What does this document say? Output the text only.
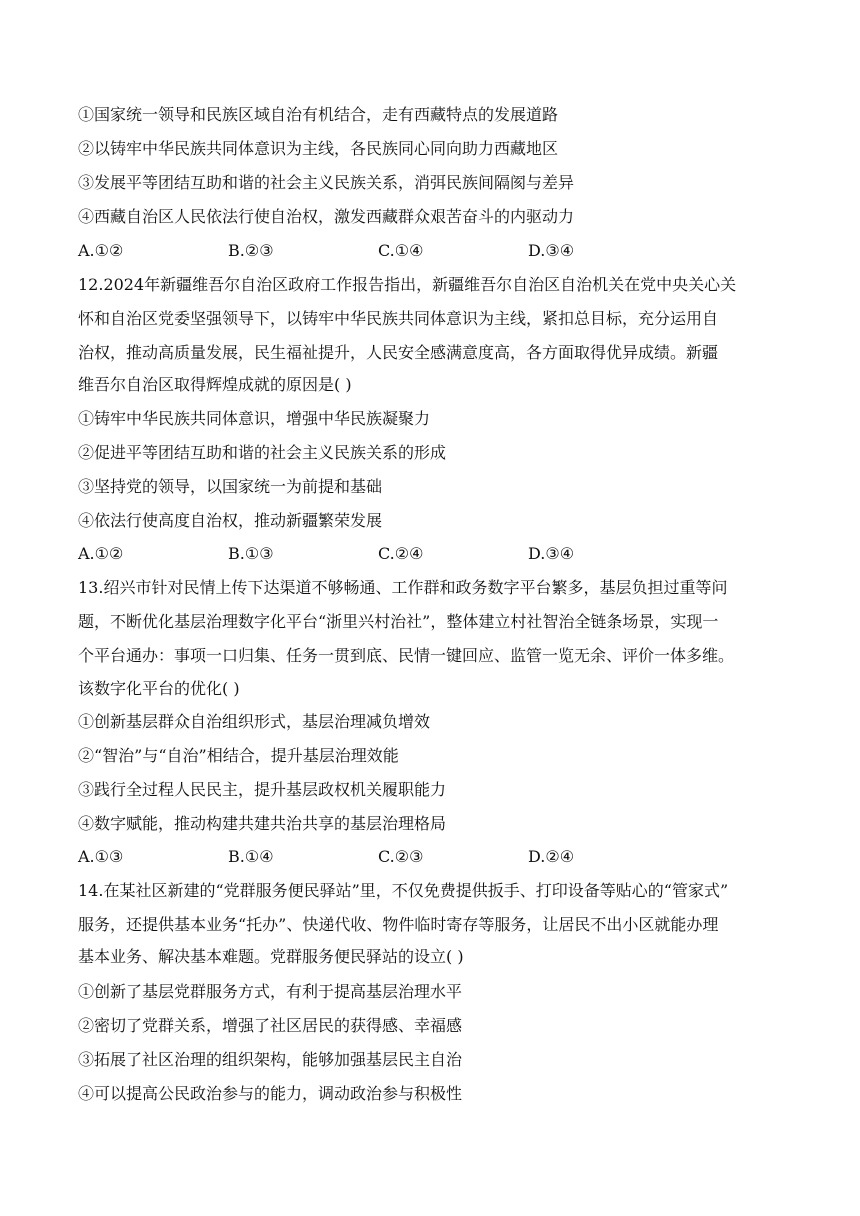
①国家统一领导和民族区域自治有机结合，走有西藏特点的发展道路
②以铸牢中华民族共同体意识为主线，各民族同心同向助力西藏地区
③发展平等团结互助和谐的社会主义民族关系，消弭民族间隔阂与差异
④西藏自治区人民依法行使自治权，激发西藏群众艰苦奋斗的内驱动力
A.①②	B.②③	C.①④	D.③④
12.2024年新疆维吾尔自治区政府工作报告指出，新疆维吾尔自治区自治机关在党中央关心关
怀和自治区党委坚强领导下，以铸牢中华民族共同体意识为主线，紧扣总目标，充分运用自
治权，推动高质量发展，民生福祉提升，人民安全感满意度高，各方面取得优异成绩。新疆
维吾尔自治区取得辉煌成就的原因是( )
①铸牢中华民族共同体意识，增强中华民族凝聚力
②促进平等团结互助和谐的社会主义民族关系的形成
③坚持党的领导，以国家统一为前提和基础
④依法行使高度自治权，推动新疆繁荣发展
A.①②	B.①③	C.②④	D.③④
13.绍兴市针对民情上传下达渠道不够畅通、工作群和政务数字平台繁多，基层负担过重等问
题，不断优化基层治理数字化平台“浙里兴村治社”，整体建立村社智治全链条场景，实现一
个平台通办：事项一口归集、任务一贯到底、民情一键回应、监管一览无余、评价一体多维。
该数字化平台的优化( )
①创新基层群众自治组织形式，基层治理减负增效
②“智治”与“自治”相结合，提升基层治理效能
③践行全过程人民民主，提升基层政权机关履职能力
④数字赋能，推动构建共建共治共享的基层治理格局
A.①③	B.①④	C.②③	D.②④
14.在某社区新建的“党群服务便民驿站”里，不仅免费提供扳手、打印设备等贴心的“管家式”
服务，还提供基本业务“托办”、快递代收、物件临时寄存等服务，让居民不出小区就能办理
基本业务、解决基本难题。党群服务便民驿站的设立( )
①创新了基层党群服务方式，有利于提高基层治理水平
②密切了党群关系，增强了社区居民的获得感、幸福感
③拓展了社区治理的组织架构，能够加强基层民主自治
④可以提高公民政治参与的能力，调动政治参与积极性
